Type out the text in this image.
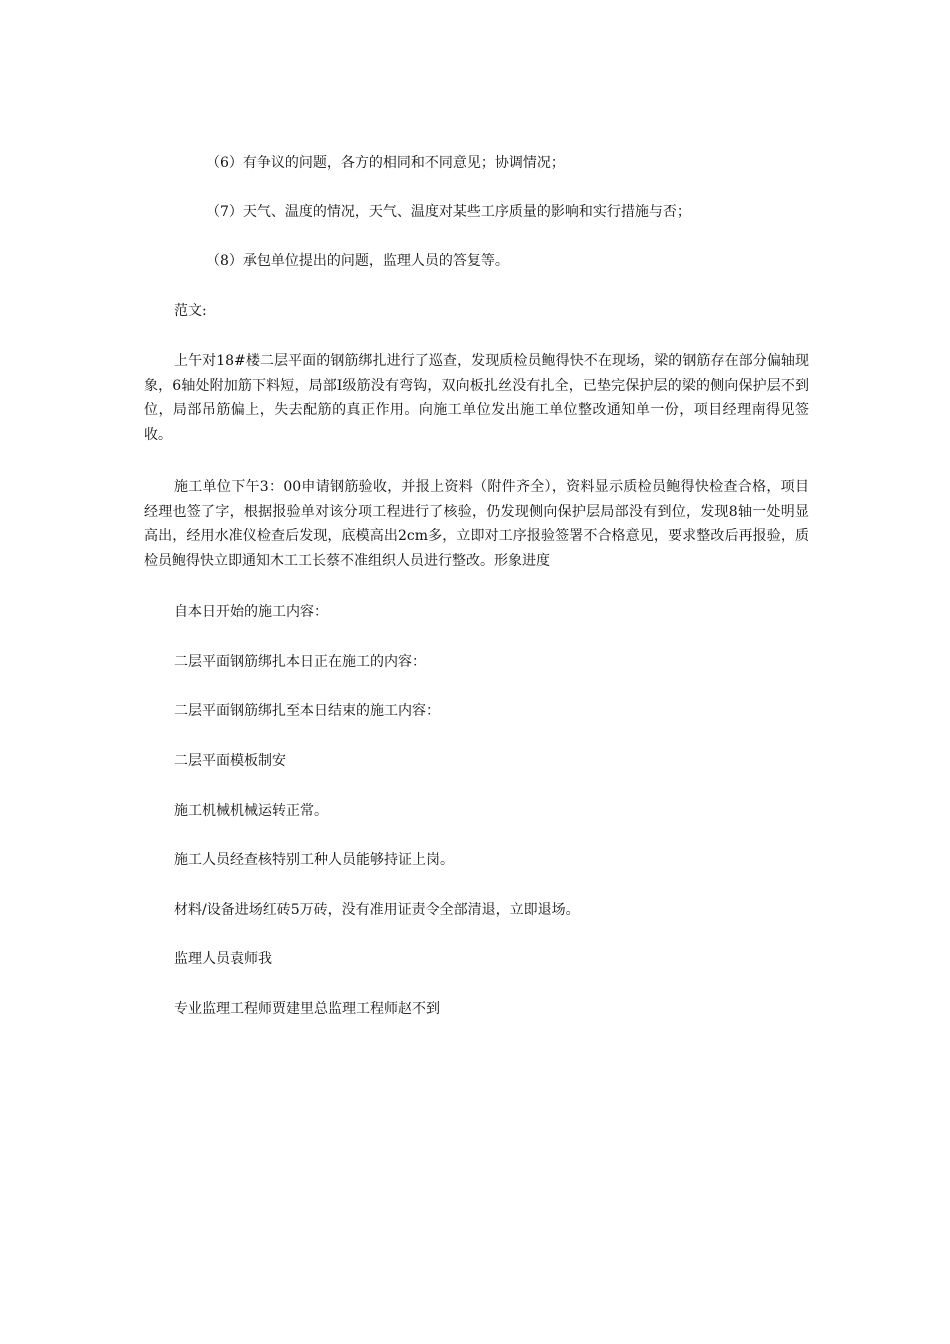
（6）有争议的问题，各方的相同和不同意见；协调情况；
（7）天气、温度的情况，天气、温度对某些工序质量的影响和实行措施与否；
（8）承包单位提出的问题，监理人员的答复等。
范文:
上午对18#楼二层平面的钢筋绑扎进行了巡查，发现质检员鲍得快不在现场，梁的钢筋存在部分偏轴现象，6轴处附加筋下料短，局部Ⅰ级筋没有弯钩，双向板扎丝没有扎全，已垫完保护层的梁的侧向保护层不到位，局部吊筋偏上，失去配筋的真正作用。向施工单位发出施工单位整改通知单一份，项目经理南得见签收。
施工单位下午3：00申请钢筋验收，并报上资料（附件齐全），资料显示质检员鲍得快检查合格，项目经理也签了字，根据报验单对该分项工程进行了核验，仍发现侧向保护层局部没有到位，发现8轴一处明显高出，经用水准仪检查后发现，底模高出2cm多，立即对工序报验签署不合格意见，要求整改后再报验，质检员鲍得快立即通知木工工长蔡不准组织人员进行整改。形象进度
自本日开始的施工内容：
二层平面钢筋绑扎本日正在施工的内容：
二层平面钢筋绑扎至本日结束的施工内容：
二层平面模板制安
施工机械机械运转正常。
施工人员经查核特别工种人员能够持证上岗。
材料/设备进场红砖5万砖，没有准用证责令全部清退，立即退场。
监理人员袁师我
专业监理工程师贾建里总监理工程师赵不到
